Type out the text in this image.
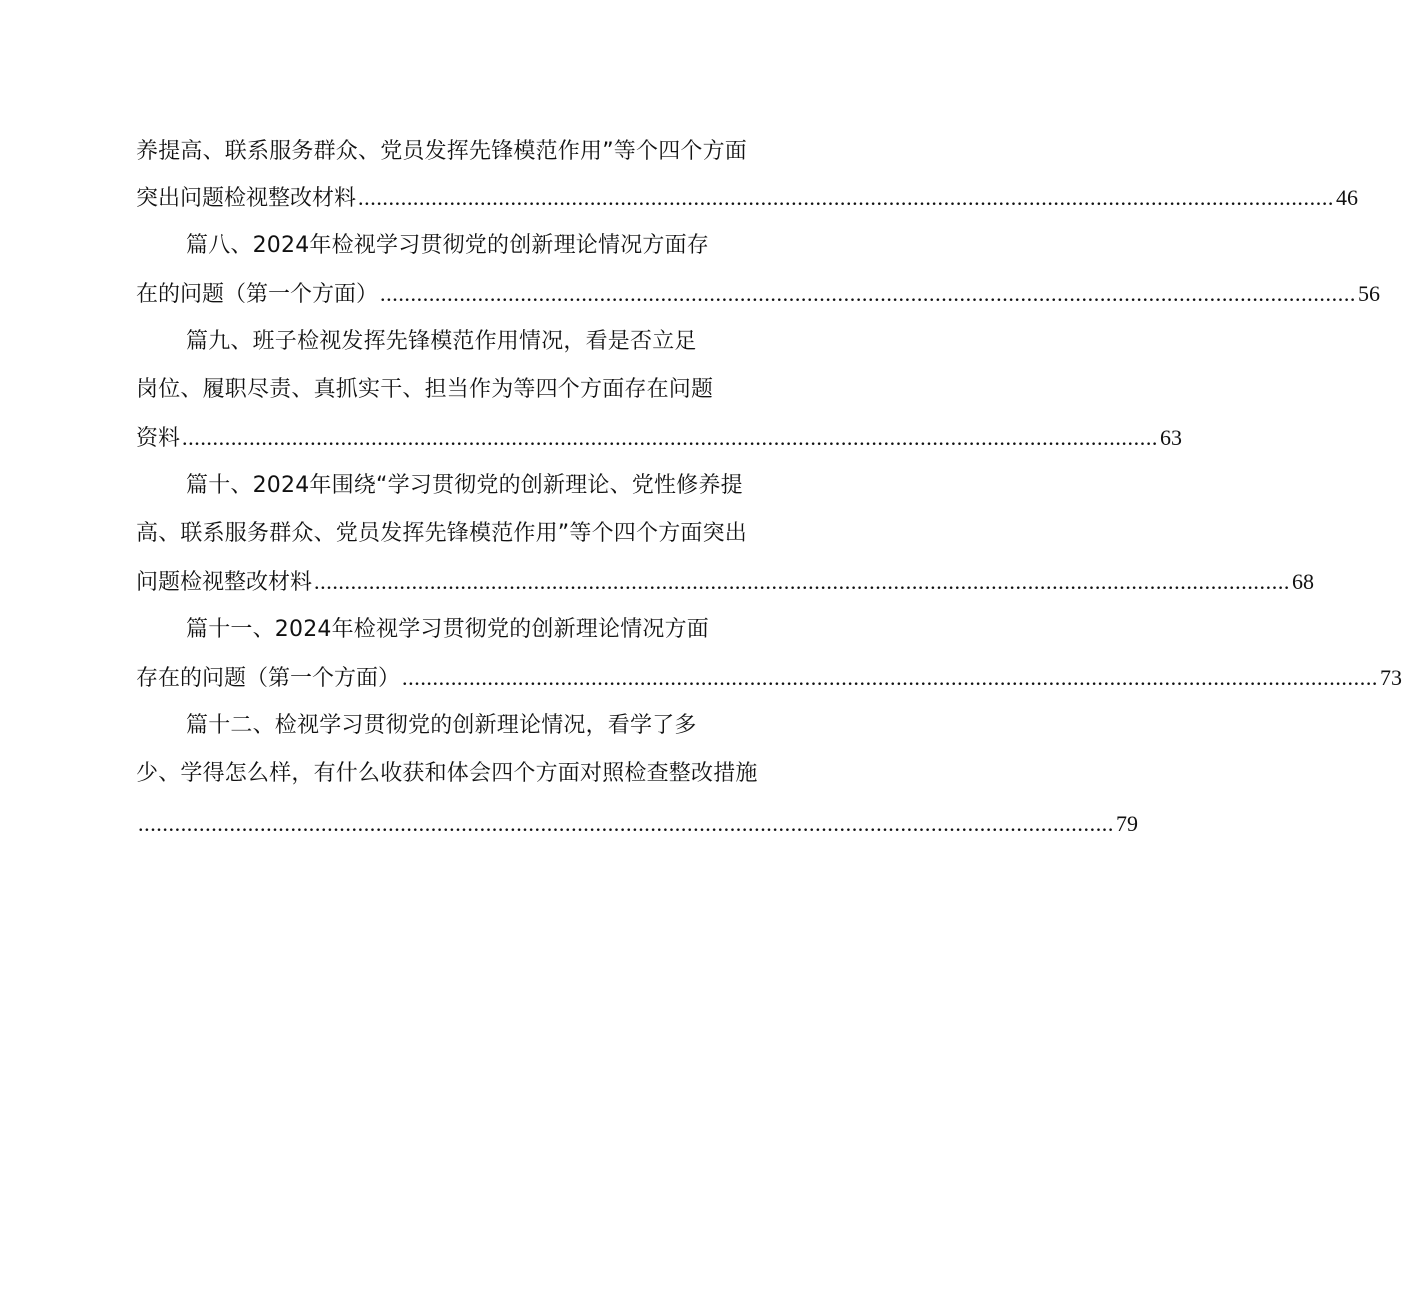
养提高、联系服务群众、党员发挥先锋模范作用”等个四个方面
突出问题检视整改材料 ................................................................................................................................................................ 46
篇八、2024年检视学习贯彻党的创新理论情况方面存
在的问题（第一个方面） ................................................................................................................................................................ 56
篇九、班子检视发挥先锋模范作用情况，看是否立足
岗位、履职尽责、真抓实干、担当作为等四个方面存在问题
资料 ................................................................................................................................................................ 63
篇十、2024年围绕“学习贯彻党的创新理论、党性修养提
高、联系服务群众、党员发挥先锋模范作用”等个四个方面突出
问题检视整改材料 ................................................................................................................................................................ 68
篇十一、2024年检视学习贯彻党的创新理论情况方面
存在的问题（第一个方面） ................................................................................................................................................................ 73
篇十二、检视学习贯彻党的创新理论情况，看学了多
少、学得怎么样，有什么收获和体会四个方面对照检查整改措施
................................................................................................................................................................ 79
